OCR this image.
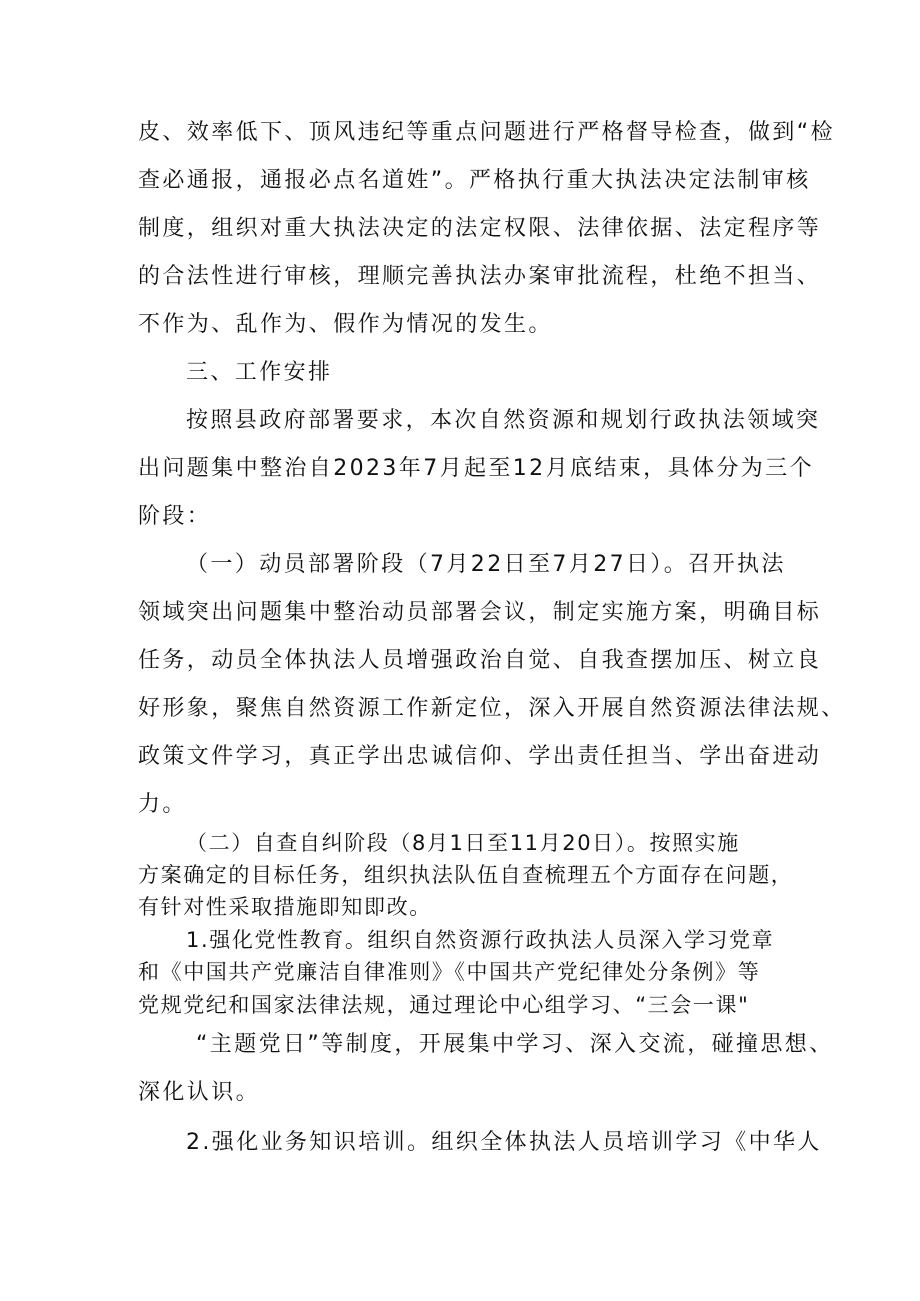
皮、效率低下、顶风违纪等重点问题进行严格督导检查，做到“检
查必通报，通报必点名道姓”。严格执行重大执法决定法制审核
制度，组织对重大执法决定的法定权限、法律依据、法定程序等
的合法性进行审核，理顺完善执法办案审批流程，杜绝不担当、
不作为、乱作为、假作为情况的发生。
三、工作安排
按照县政府部署要求，本次自然资源和规划行政执法领域突
出问题集中整治自2023年7月起至12月底结束，具体分为三个
阶段：
（一）动员部署阶段（7月22日至7月27日）。召开执法
领域突出问题集中整治动员部署会议，制定实施方案，明确目标
任务，动员全体执法人员增强政治自觉、自我查摆加压、树立良
好形象，聚焦自然资源工作新定位，深入开展自然资源法律法规、
政策文件学习，真正学出忠诚信仰、学出责任担当、学出奋进动
力。
（二）自查自纠阶段（8月1日至11月20日）。按照实施
方案确定的目标任务，组织执法队伍自查梳理五个方面存在问题，
有针对性采取措施即知即改。
1.强化党性教育。组织自然资源行政执法人员深入学习党章
和《中国共产党廉洁自律准则》《中国共产党纪律处分条例》等
党规党纪和国家法律法规，通过理论中心组学习、“三会一课"
“主题党日”等制度，开展集中学习、深入交流，碰撞思想、
深化认识。
2.强化业务知识培训。组织全体执法人员培训学习《中华人
